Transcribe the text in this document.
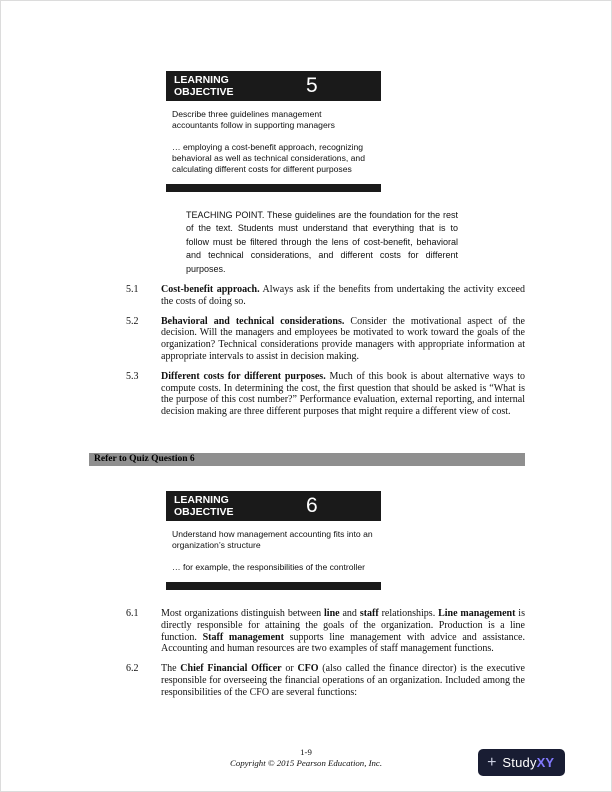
LEARNING OBJECTIVE	5
Describe three guidelines management accountants follow in supporting managers
… employing a cost-benefit approach, recognizing behavioral as well as technical considerations, and calculating different costs for different purposes
TEACHING POINT. These guidelines are the foundation for the rest of the text. Students must understand that everything that is to follow must be filtered through the lens of cost-benefit, behavioral and technical considerations, and different costs for different purposes.
5.1	Cost-benefit approach. Always ask if the benefits from undertaking the activity exceed the costs of doing so.
5.2	Behavioral and technical considerations. Consider the motivational aspect of the decision. Will the managers and employees be motivated to work toward the goals of the organization? Technical considerations provide managers with appropriate information at appropriate intervals to assist in decision making.
5.3	Different costs for different purposes. Much of this book is about alternative ways to compute costs. In determining the cost, the first question that should be asked is “What is the purpose of this cost number?” Performance evaluation, external reporting, and internal decision making are three different purposes that might require a different view of cost.
Refer to Quiz Question 6
LEARNING OBJECTIVE	6
Understand how management accounting fits into an organization’s structure
… for example, the responsibilities of the controller
6.1	Most organizations distinguish between line and staff relationships. Line management is directly responsible for attaining the goals of the organization. Production is a line function. Staff management supports line management with advice and assistance. Accounting and human resources are two examples of staff management functions.
6.2	The Chief Financial Officer or CFO (also called the finance director) is the executive responsible for overseeing the financial operations of an organization. Included among the responsibilities of the CFO are several functions:
1-9
Copyright © 2015 Pearson Education, Inc.	+ Study XY
